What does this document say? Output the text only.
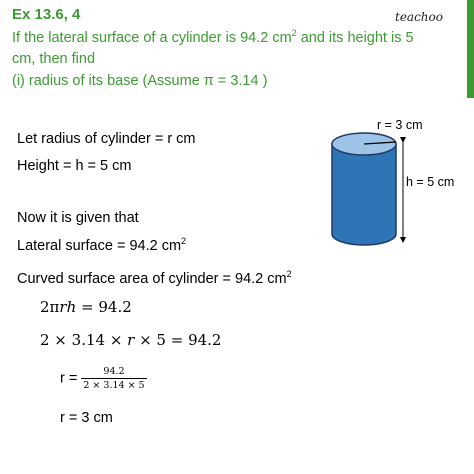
Ex 13.6, 4	teachoo
If the lateral surface of a cylinder is 94.2 $cm^2$ and its height is 5
cm, then find
(i) radius of its base (Assume π = 3.14 )
Let radius of cylinder = r cm
Height = h = 5 cm
Now it is given that
Lateral surface = 94.2 $cm^2$
Curved surface area of cylinder = 94.2 $cm^2$
2πrh = 94.2
2 × 3.14 × r × 5 = 94.2
$r = \frac{94.2}{2 \times 3.14 \times 5}$
r = 3 cm
r = 3 cm
h = 5 cm
